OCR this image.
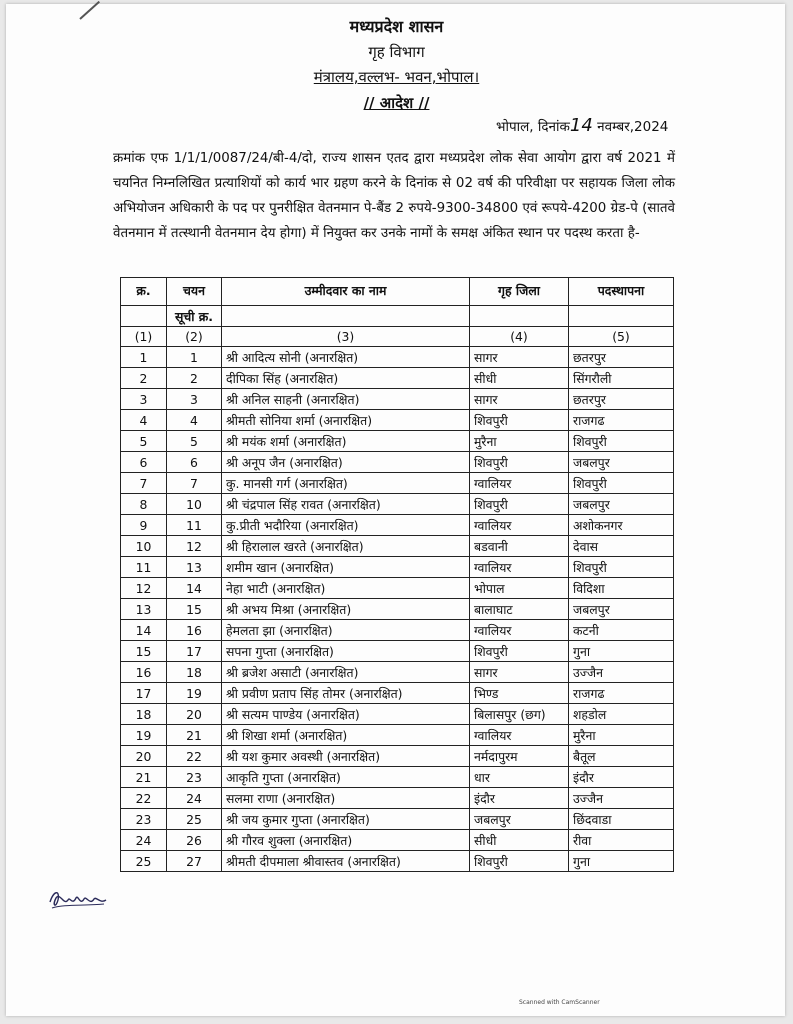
मध्यप्रदेश शासन
गृह विभाग
मंत्रालय,वल्लभ- भवन,भोपाल।
// आदेश //
भोपाल, दिनांक14 नवम्बर,2024
क्रमांक एफ 1/1/1/0087/24/बी-4/दो, राज्य शासन एतद द्वारा मध्यप्रदेश लोक सेवा आयोग द्वारा वर्ष 2021 में चयनित निम्नलिखित प्रत्याशियों को कार्य भार ग्रहण करने के दिनांक से 02 वर्ष की परिवीक्षा पर सहायक जिला लोक अभियोजन अधिकारी के पद पर पुनरीक्षित वेतनमान पे-बैंड 2 रुपये-9300-34800 एवं रूपये-4200 ग्रेड-पे (सातवे वेतनमान में तत्स्थानी वेतनमान देय होगा) में नियुक्त कर उनके नामों के समक्ष अंकित स्थान पर पदस्थ करता है-
क्र.	चयन	उम्मीदवार का नाम	गृह जिला	पदस्थापना
	सूची क्र.			
(1)	(2)	(3)	(4)	(5)
1	1	श्री आदित्य सोनी (अनारक्षित)	सागर	छतरपुर
2	2	दीपिका सिंह (अनारक्षित)	सीधी	सिंगरौली
3	3	श्री अनिल साहनी (अनारक्षित)	सागर	छतरपुर
4	4	श्रीमती सोनिया शर्मा (अनारक्षित)	शिवपुरी	राजगढ
5	5	श्री मयंक शर्मा (अनारक्षित)	मुरैना	शिवपुरी
6	6	श्री अनूप जैन (अनारक्षित)	शिवपुरी	जबलपुर
7	7	कु. मानसी गर्ग (अनारक्षित)	ग्वालियर	शिवपुरी
8	10	श्री चंद्रपाल सिंह रावत (अनारक्षित)	शिवपुरी	जबलपुर
9	11	कु.प्रीती भदौरिया (अनारक्षित)	ग्वालियर	अशोकनगर
10	12	श्री हिरालाल खरते (अनारक्षित)	बडवानी	देवास
11	13	शमीम खान (अनारक्षित)	ग्वालियर	शिवपुरी
12	14	नेहा भाटी (अनारक्षित)	भोपाल	विदिशा
13	15	श्री अभय मिश्रा (अनारक्षित)	बालाघाट	जबलपुर
14	16	हेमलता झा (अनारक्षित)	ग्वालियर	कटनी
15	17	सपना गुप्ता (अनारक्षित)	शिवपुरी	गुना
16	18	श्री ब्रजेश असाटी (अनारक्षित)	सागर	उज्जैन
17	19	श्री प्रवीण प्रताप सिंह तोमर (अनारक्षित)	भिण्ड	राजगढ
18	20	श्री सत्यम पाण्डेय (अनारक्षित)	बिलासपुर (छग)	शहडोल
19	21	श्री शिखा शर्मा (अनारक्षित)	ग्वालियर	मुरैना
20	22	श्री यश कुमार अवस्थी (अनारक्षित)	नर्मदापुरम	बैतूल
21	23	आकृति गुप्ता (अनारक्षित)	धार	इंदौर
22	24	सलमा राणा (अनारक्षित)	इंदौर	उज्जैन
23	25	श्री जय कुमार गुप्ता (अनारक्षित)	जबलपुर	छिंदवाडा
24	26	श्री गौरव शुक्ला (अनारक्षित)	सीधी	रीवा
25	27	श्रीमती दीपमाला श्रीवास्तव (अनारक्षित)	शिवपुरी	गुना
Scanned with CamScanner
